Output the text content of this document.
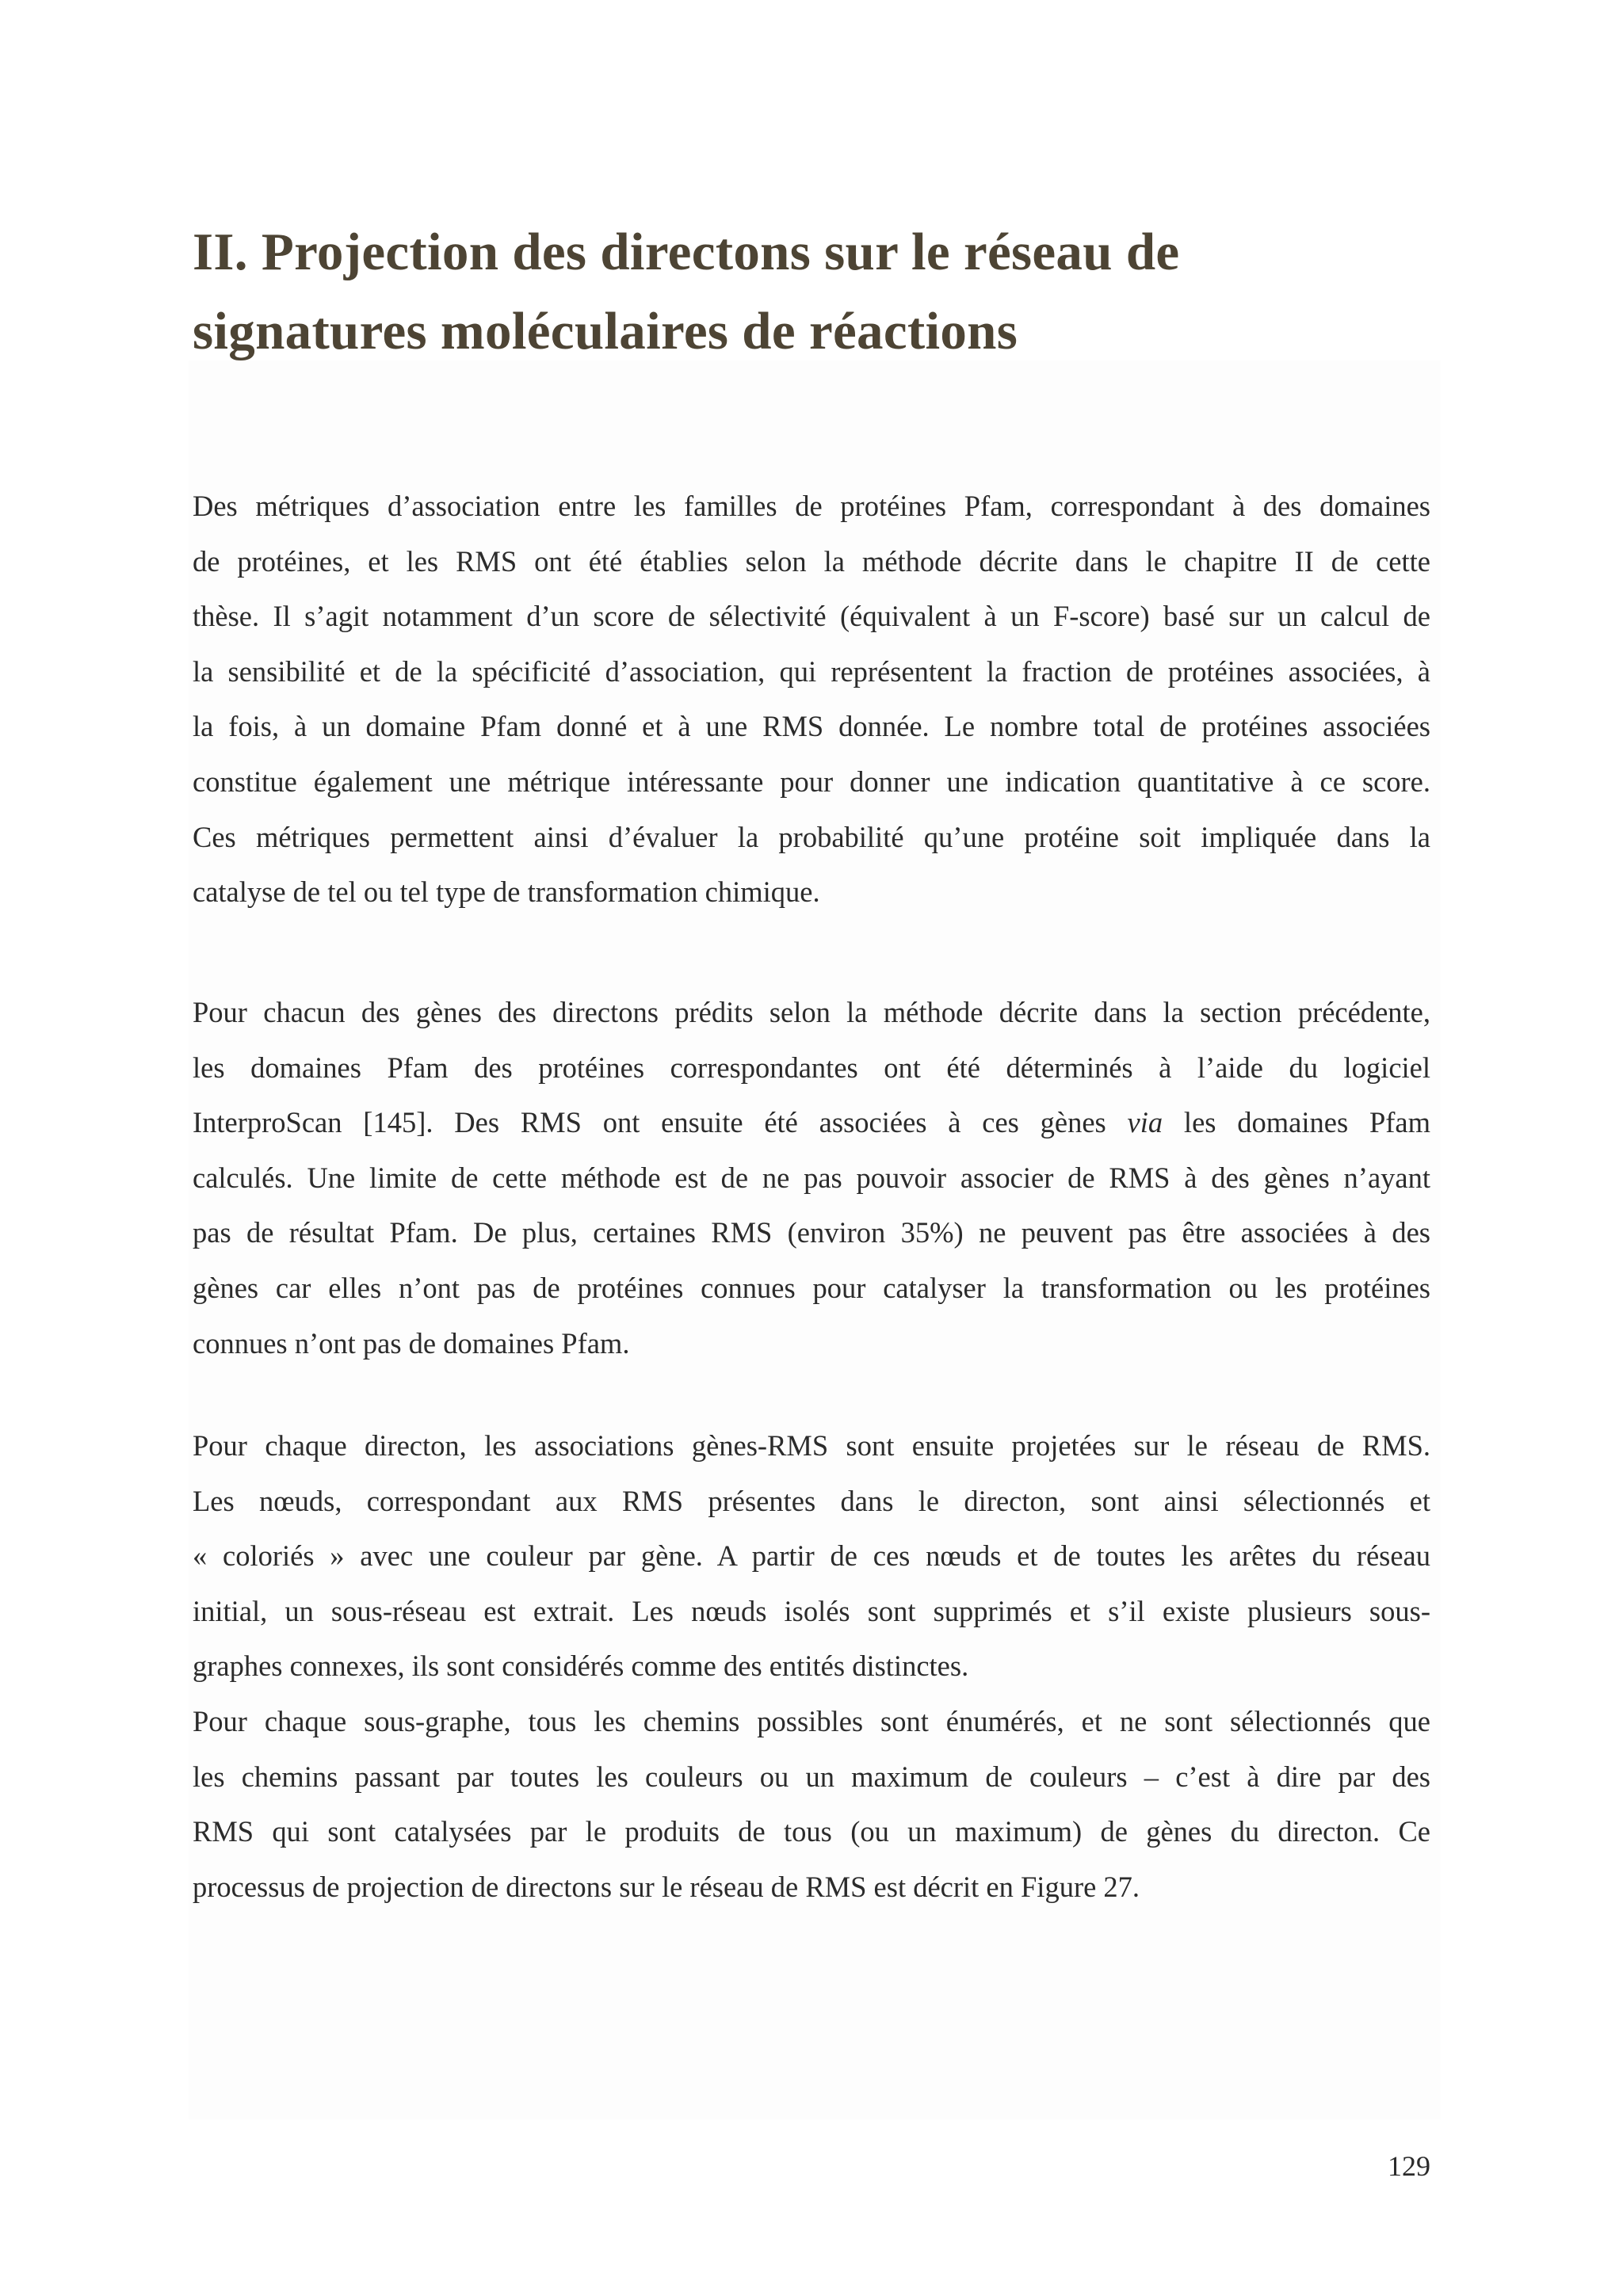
II. Projection des directons sur le réseau de
signatures moléculaires de réactions
Des métriques d’association entre les familles de protéines Pfam, correspondant à des domaines
de protéines, et les RMS ont été établies selon la méthode décrite dans le chapitre II de cette
thèse. Il s’agit notamment d’un score de sélectivité (équivalent à un F-score) basé sur un calcul de
la sensibilité et de la spécificité d’association, qui représentent la fraction de protéines associées, à
la fois, à un domaine Pfam donné et à une RMS donnée. Le nombre total de protéines associées
constitue également une métrique intéressante pour donner une indication quantitative à ce score.
Ces métriques permettent ainsi d’évaluer la probabilité qu’une protéine soit impliquée dans la
catalyse de tel ou tel type de transformation chimique.
Pour chacun des gènes des directons prédits selon la méthode décrite dans la section précédente,
les domaines Pfam des protéines correspondantes ont été déterminés à l’aide du logiciel
InterproScan [145]. Des RMS ont ensuite été associées à ces gènes via les domaines Pfam
calculés. Une limite de cette méthode est de ne pas pouvoir associer de RMS à des gènes n’ayant
pas de résultat Pfam. De plus, certaines RMS (environ 35%) ne peuvent pas être associées à des
gènes car elles n’ont pas de protéines connues pour catalyser la transformation ou les protéines
connues n’ont pas de domaines Pfam.
Pour chaque directon, les associations gènes-RMS sont ensuite projetées sur le réseau de RMS.
Les nœuds, correspondant aux RMS présentes dans le directon, sont ainsi sélectionnés et
« coloriés » avec une couleur par gène. A partir de ces nœuds et de toutes les arêtes du réseau
initial, un sous-réseau est extrait. Les nœuds isolés sont supprimés et s’il existe plusieurs sous-
graphes connexes, ils sont considérés comme des entités distinctes.
Pour chaque sous-graphe, tous les chemins possibles sont énumérés, et ne sont sélectionnés que
les chemins passant par toutes les couleurs ou un maximum de couleurs – c’est à dire par des
RMS qui sont catalysées par le produits de tous (ou un maximum) de gènes du directon. Ce
processus de projection de directons sur le réseau de RMS est décrit en Figure 27.
129
